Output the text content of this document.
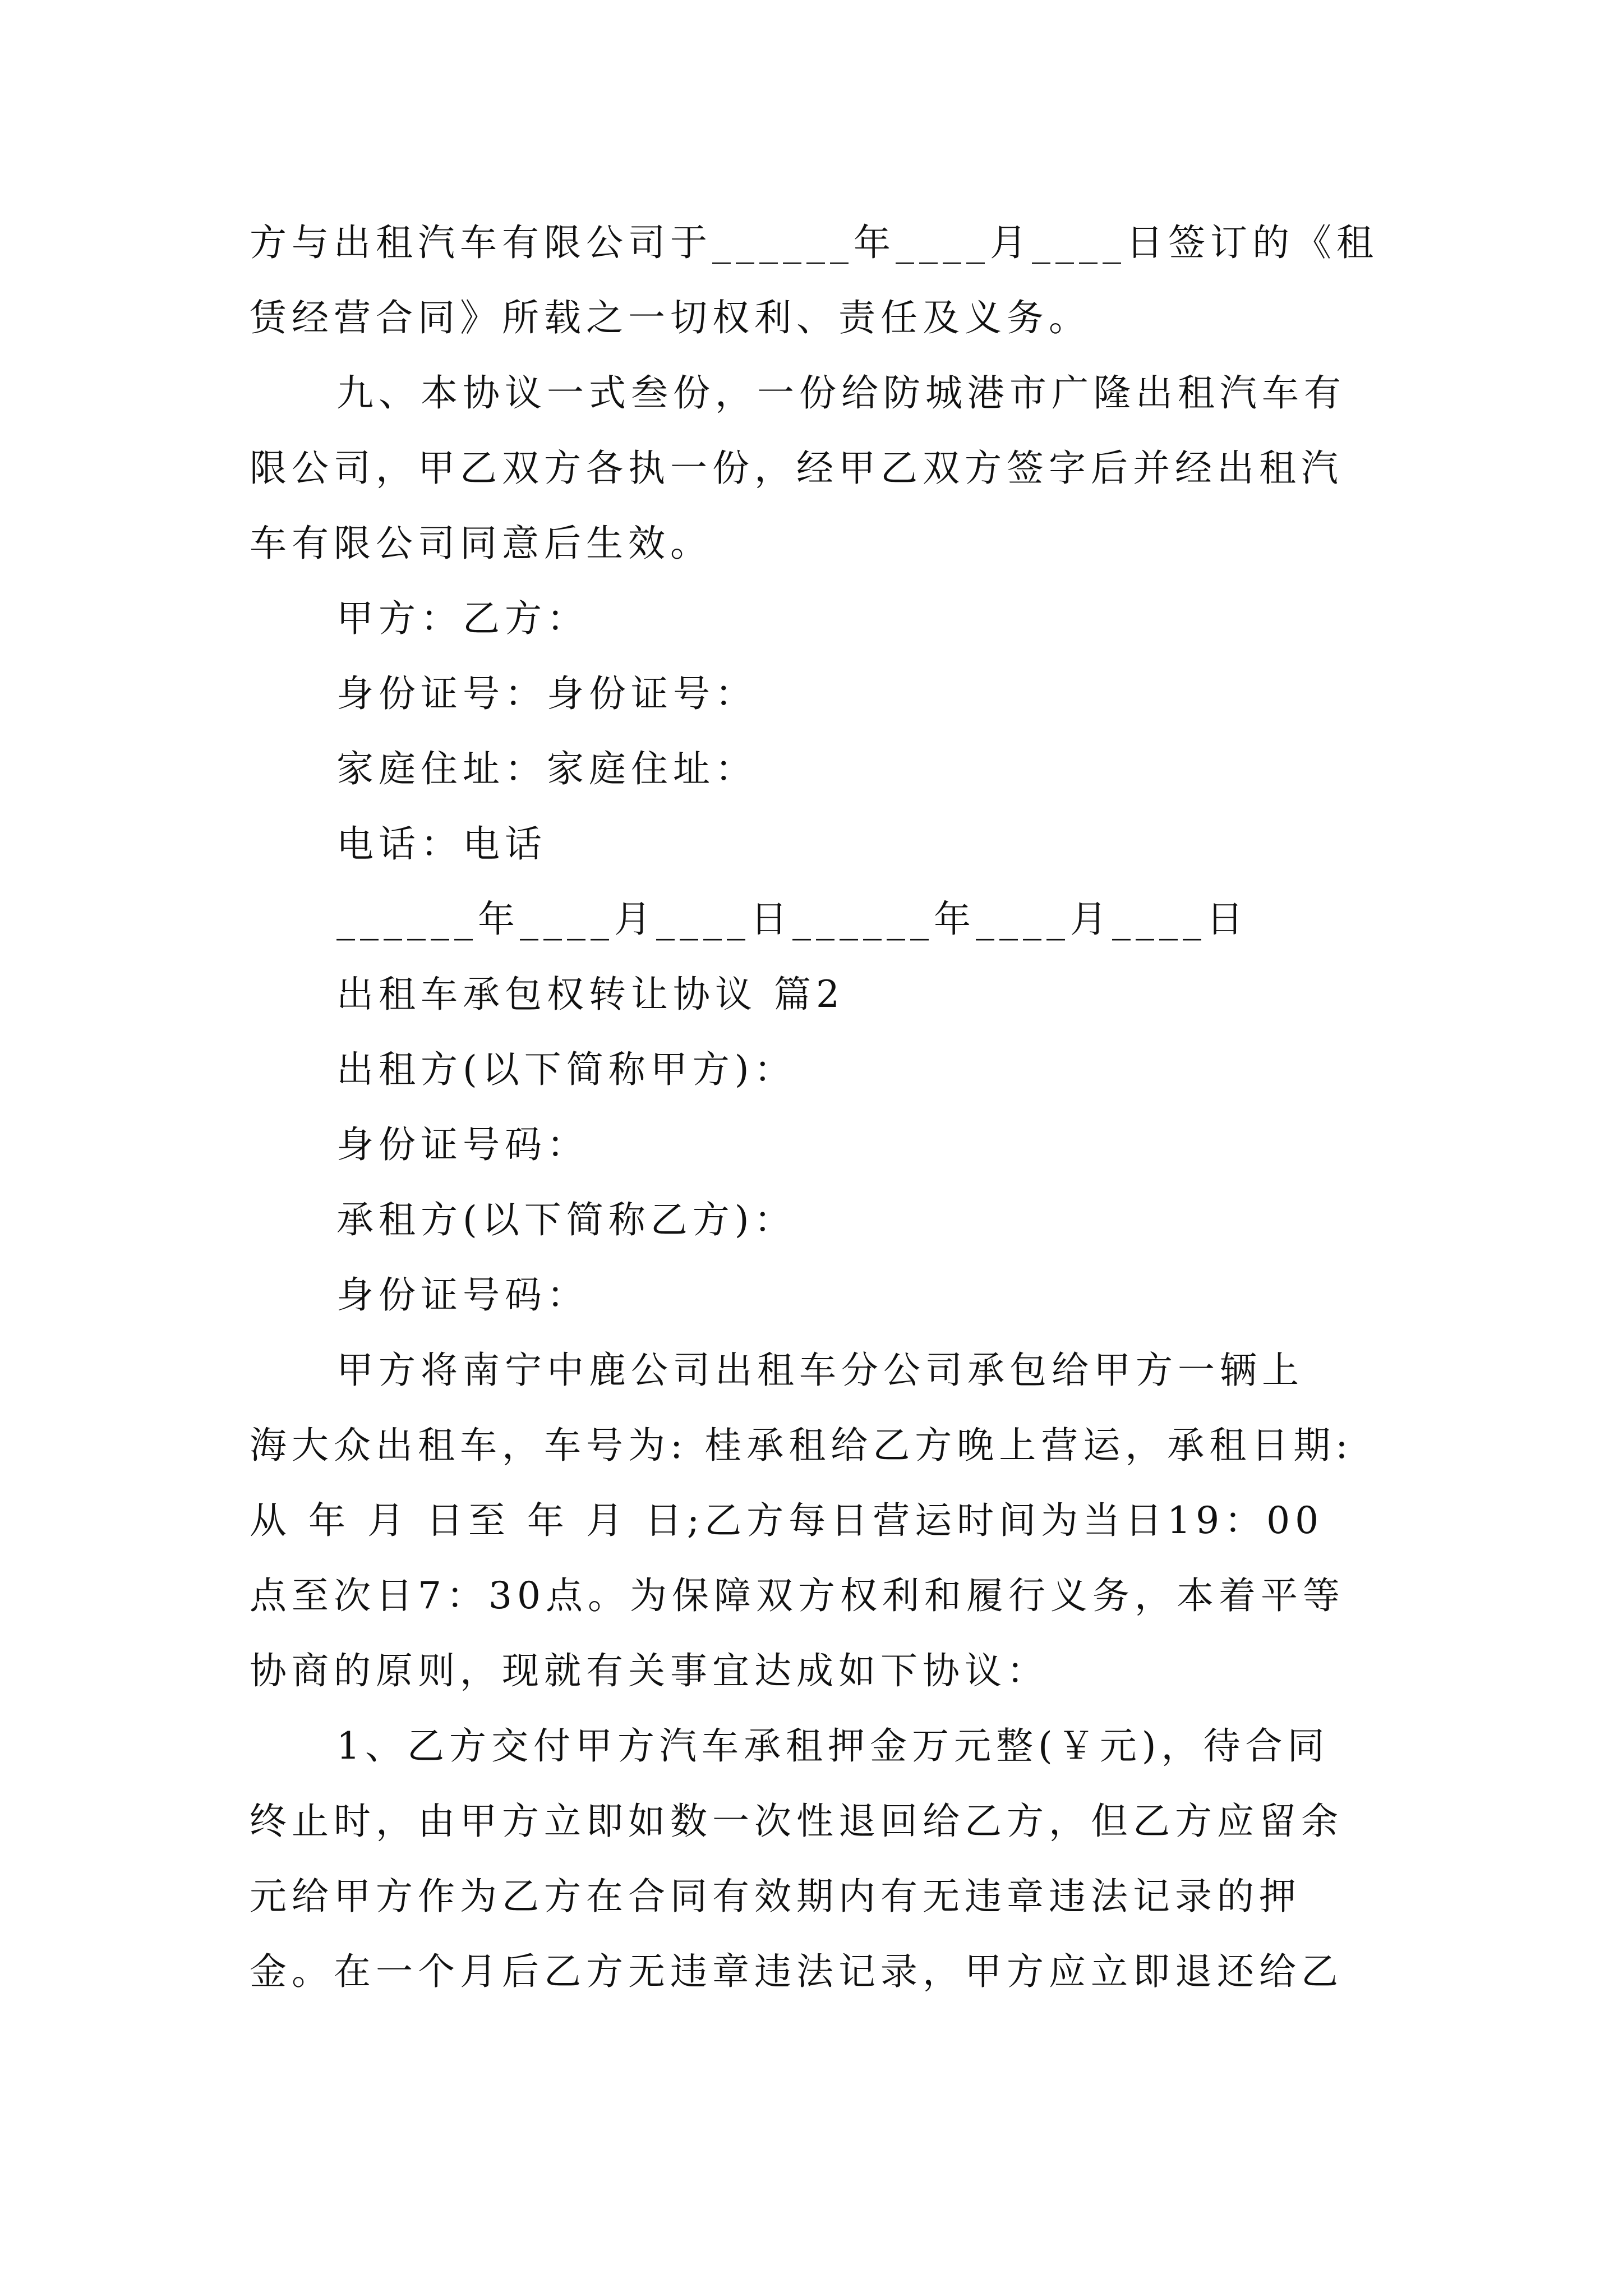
方与出租汽车有限公司于______年____月____日签订的《租
赁经营合同》所载之一切权利、责任及义务。
九、本协议一式叁份，一份给防城港市广隆出租汽车有
限公司，甲乙双方各执一份，经甲乙双方签字后并经出租汽
车有限公司同意后生效。
甲方：乙方：
身份证号：身份证号：
家庭住址：家庭住址：
电话：电话
______年____月____日______年____月____日
出租车承包权转让协议 篇2
出租方(以下简称甲方)：
身份证号码：
承租方(以下简称乙方)：
身份证号码：
甲方将南宁中鹿公司出租车分公司承包给甲方一辆上
海大众出租车，车号为: 桂承租给乙方晚上营运，承租日期:
从 年 月 日至 年 月 日;乙方每日营运时间为当日19：00
点至次日7：30点。为保障双方权利和履行义务，本着平等
协商的原则，现就有关事宜达成如下协议：
1、乙方交付甲方汽车承租押金万元整(￥元)，待合同
终止时，由甲方立即如数一次性退回给乙方，但乙方应留余
元给甲方作为乙方在合同有效期内有无违章违法记录的押
金。在一个月后乙方无违章违法记录，甲方应立即退还给乙
